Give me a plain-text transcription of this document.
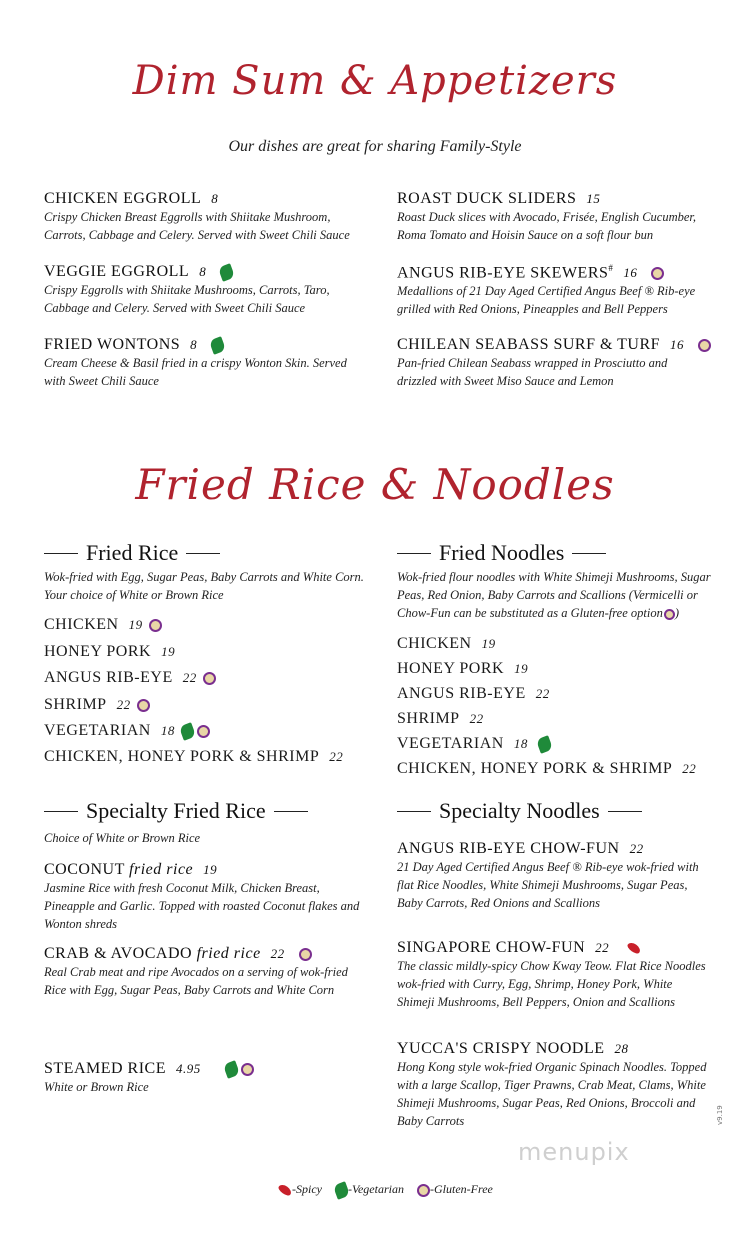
Dim Sum & Appetizers
Our dishes are great for sharing Family-Style
CHICKEN EGGROLL 8
Crispy Chicken Breast Eggrolls with Shiitake Mushroom, Carrots, Cabbage and Celery. Served with Sweet Chili Sauce
VEGGIE EGGROLL 8
Crispy Eggrolls with Shiitake Mushrooms, Carrots, Taro, Cabbage and Celery. Served with Sweet Chili Sauce
FRIED WONTONS 8
Cream Cheese & Basil fried in a crispy Wonton Skin. Served with Sweet Chili Sauce
ROAST DUCK SLIDERS 15
Roast Duck slices with Avocado, Frisée, English Cucumber, Roma Tomato and Hoisin Sauce on a soft flour bun
ANGUS RIB-EYE SKEWERS# 16
Medallions of 21 Day Aged Certified Angus Beef ® Rib-eye grilled with Red Onions, Pineapples and Bell Peppers
CHILEAN SEABASS SURF & TURF 16
Pan-fried Chilean Seabass wrapped in Prosciutto and drizzled with Sweet Miso Sauce and Lemon
Fried Rice & Noodles
Fried Rice
Wok-fried with Egg, Sugar Peas, Baby Carrots and White Corn. Your choice of White or Brown Rice
CHICKEN 19
HONEY PORK 19
ANGUS RIB-EYE 22
SHRIMP 22
VEGETARIAN 18
CHICKEN, HONEY PORK & SHRIMP 22
Fried Noodles
Wok-fried flour noodles with White Shimeji Mushrooms, Sugar Peas, Red Onion, Baby Carrots and Scallions (Vermicelli or Chow-Fun can be substituted as a Gluten-free option )
CHICKEN 19
HONEY PORK 19
ANGUS RIB-EYE 22
SHRIMP 22
VEGETARIAN 18
CHICKEN, HONEY PORK & SHRIMP 22
Specialty Fried Rice
Choice of White or Brown Rice
COCONUT fried rice 19
Jasmine Rice with fresh Coconut Milk, Chicken Breast, Pineapple and Garlic. Topped with roasted Coconut flakes and Wonton shreds
CRAB & AVOCADO fried rice 22
Real Crab meat and ripe Avocados on a serving of wok-fried Rice with Egg, Sugar Peas, Baby Carrots and White Corn
STEAMED RICE 4.95
White or Brown Rice
Specialty Noodles
ANGUS RIB-EYE CHOW-FUN 22
21 Day Aged Certified Angus Beef ® Rib-eye wok-fried with flat Rice Noodles, White Shimeji Mushrooms, Sugar Peas, Baby Carrots, Red Onions and Scallions
SINGAPORE CHOW-FUN 22
The classic mildly-spicy Chow Kway Teow. Flat Rice Noodles wok-fried with Curry, Egg, Shrimp, Honey Pork, White Shimeji Mushrooms, Bell Peppers, Onion and Scallions
YUCCA'S CRISPY NOODLE 28
Hong Kong style wok-fried Organic Spinach Noodles. Topped with a large Scallop, Tiger Prawns, Crab Meat, Clams, White Shimeji Mushrooms, Sugar Peas, Red Onions, Broccoli and Baby Carrots	v9.19
menupix
-Spicy -Vegetarian -Gluten-Free
